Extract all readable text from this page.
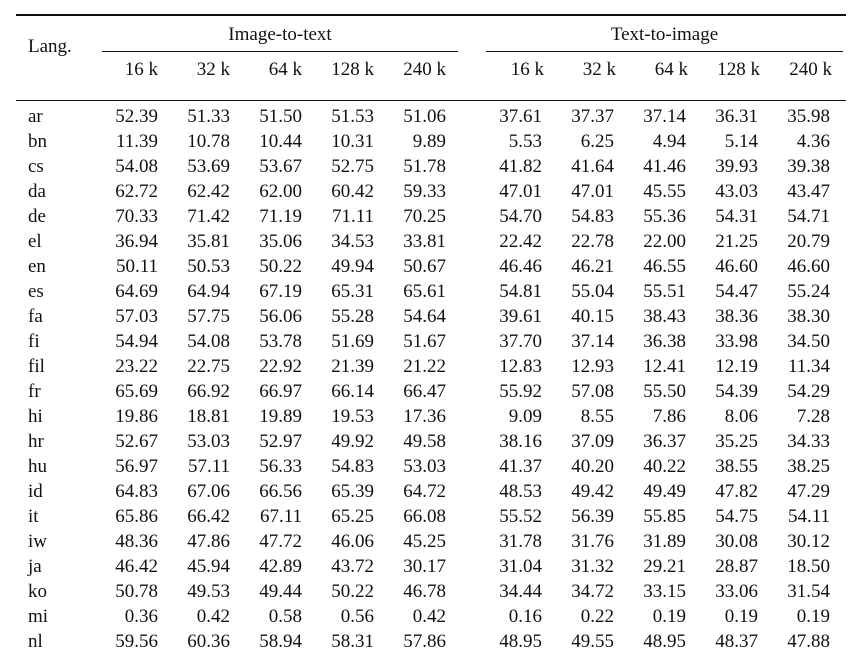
Lang.
Image-to-text	Text-to-image
16 k	32 k	64 k	128 k	240 k	16 k	32 k	64 k	128 k	240 k
ar	52.39	51.33	51.50	51.53	51.06	37.61	37.37	37.14	36.31	35.98
bn	11.39	10.78	10.44	10.31	9.89	5.53	6.25	4.94	5.14	4.36
cs	54.08	53.69	53.67	52.75	51.78	41.82	41.64	41.46	39.93	39.38
da	62.72	62.42	62.00	60.42	59.33	47.01	47.01	45.55	43.03	43.47
de	70.33	71.42	71.19	71.11	70.25	54.70	54.83	55.36	54.31	54.71
el	36.94	35.81	35.06	34.53	33.81	22.42	22.78	22.00	21.25	20.79
en	50.11	50.53	50.22	49.94	50.67	46.46	46.21	46.55	46.60	46.60
es	64.69	64.94	67.19	65.31	65.61	54.81	55.04	55.51	54.47	55.24
fa	57.03	57.75	56.06	55.28	54.64	39.61	40.15	38.43	38.36	38.30
fi	54.94	54.08	53.78	51.69	51.67	37.70	37.14	36.38	33.98	34.50
fil	23.22	22.75	22.92	21.39	21.22	12.83	12.93	12.41	12.19	11.34
fr	65.69	66.92	66.97	66.14	66.47	55.92	57.08	55.50	54.39	54.29
hi	19.86	18.81	19.89	19.53	17.36	9.09	8.55	7.86	8.06	7.28
hr	52.67	53.03	52.97	49.92	49.58	38.16	37.09	36.37	35.25	34.33
hu	56.97	57.11	56.33	54.83	53.03	41.37	40.20	40.22	38.55	38.25
id	64.83	67.06	66.56	65.39	64.72	48.53	49.42	49.49	47.82	47.29
it	65.86	66.42	67.11	65.25	66.08	55.52	56.39	55.85	54.75	54.11
iw	48.36	47.86	47.72	46.06	45.25	31.78	31.76	31.89	30.08	30.12
ja	46.42	45.94	42.89	43.72	30.17	31.04	31.32	29.21	28.87	18.50
ko	50.78	49.53	49.44	50.22	46.78	34.44	34.72	33.15	33.06	31.54
mi	0.36	0.42	0.58	0.56	0.42	0.16	0.22	0.19	0.19	0.19
nl	59.56	60.36	58.94	58.31	57.86	48.95	49.55	48.95	48.37	47.88
